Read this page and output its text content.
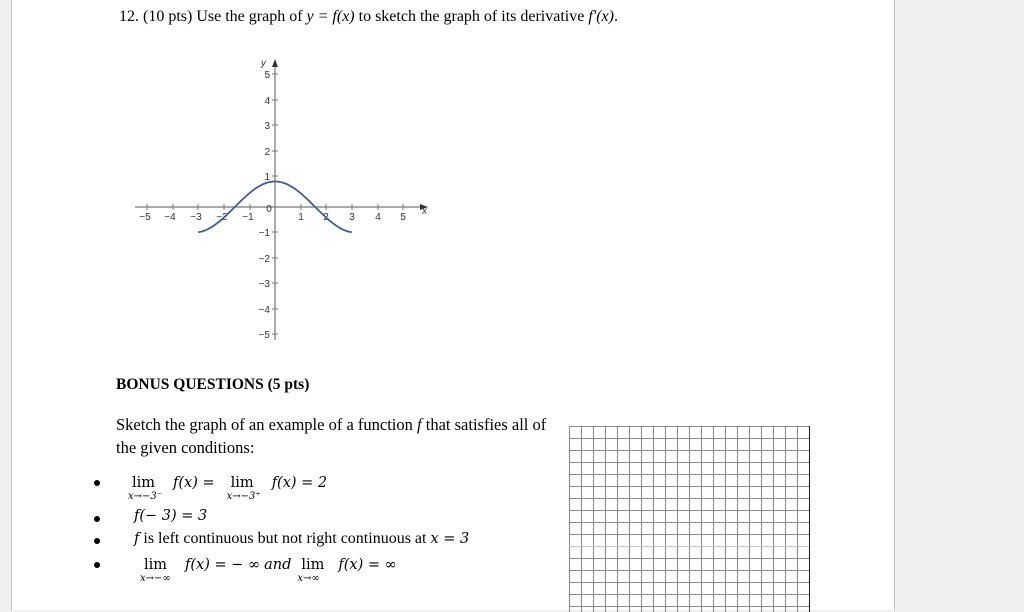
12. (10 pts) Use the graph of y = f(x) to sketch the graph of its derivative f'(x).
x
y
−5 −4 −3 −2 −1
0
1 2 3 4 5
5
4
3
2
1
−1
−2
−3
−4
−5
BONUS QUESTIONS (5 pts)
Sketch the graph of an example of a function f that satisfies all of the given conditions:
lim
x→−3⁻
f(x) = lim
x→−3⁺
f(x) = 2
f(− 3) = 3
f is left continuous but not right continuous at x = 3
lim
x→−∞
f(x) = − ∞ and lim
x→∞
f(x) = ∞
